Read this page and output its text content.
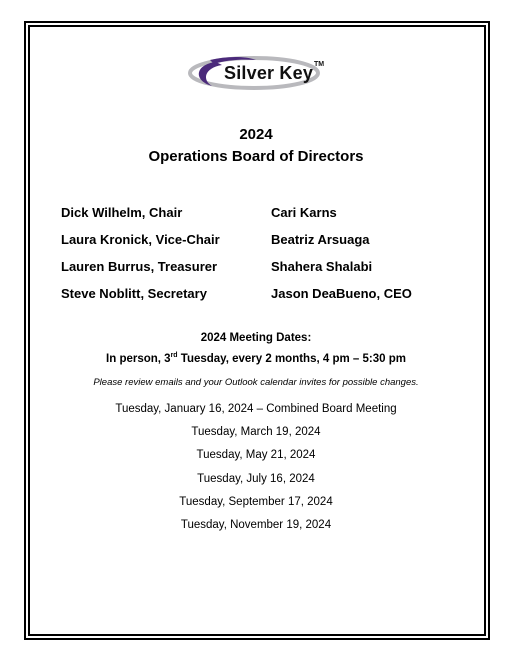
Silver Key TM
2024
Operations Board of Directors
Dick Wilhelm, Chair
Laura Kronick, Vice-Chair
Lauren Burrus, Treasurer
Steve Noblitt, Secretary
Cari Karns
Beatriz Arsuaga
Shahera Shalabi
Jason DeaBueno, CEO
2024 Meeting Dates:
In person, 3rd Tuesday, every 2 months, 4 pm – 5:30 pm
Please review emails and your Outlook calendar invites for possible changes.
Tuesday, January 16, 2024 – Combined Board Meeting
Tuesday, March 19, 2024
Tuesday, May 21, 2024
Tuesday, July 16, 2024
Tuesday, September 17, 2024
Tuesday, November 19, 2024
